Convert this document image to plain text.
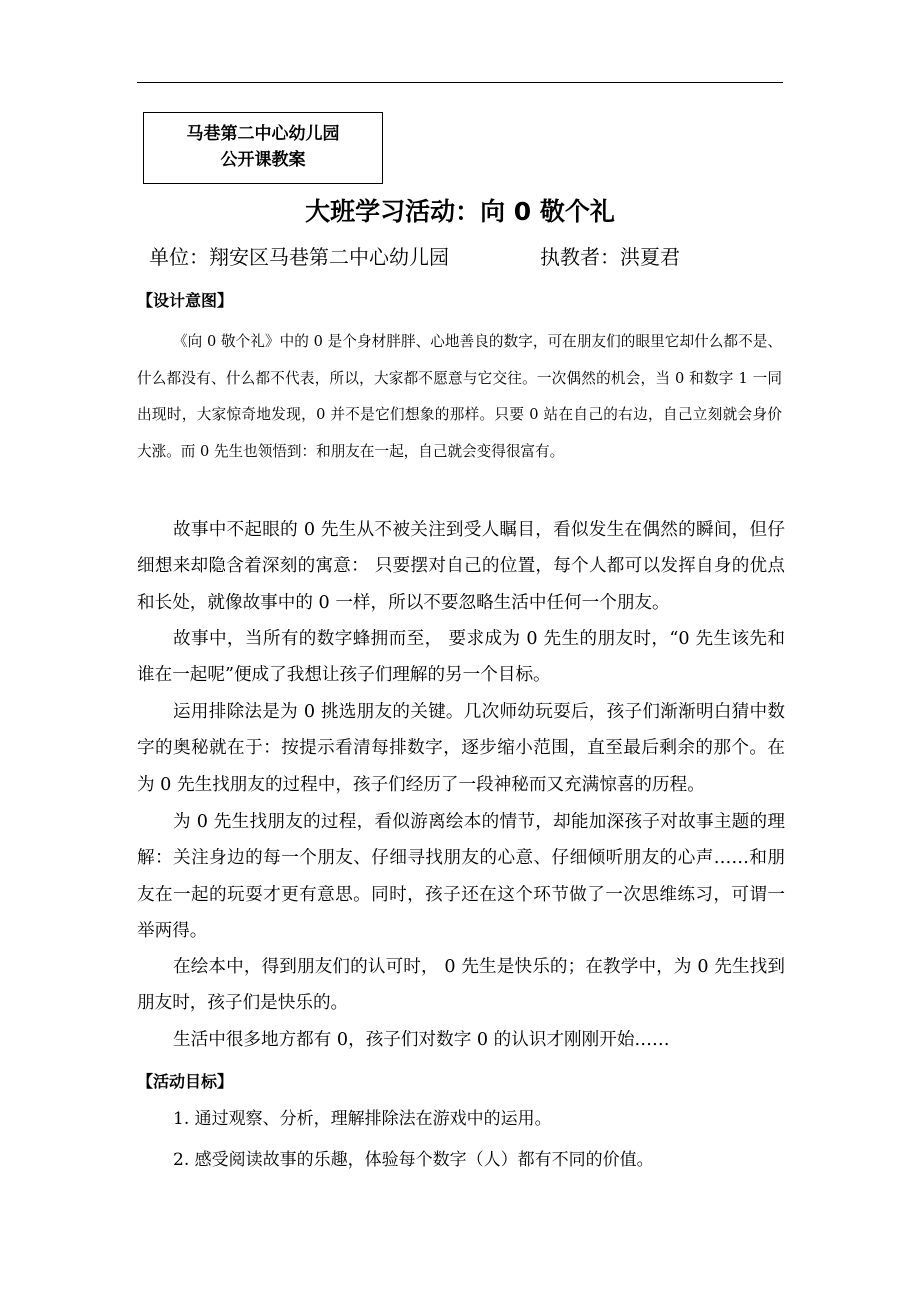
马巷第二中心幼儿园
公开课教案
大班学习活动：向 0 敬个礼
单位：翔安区马巷第二中心幼儿园	执教者：洪夏君
【设计意图】

《向 0 敬个礼》中的 0 是个身材胖胖、心地善良的数字，可在朋友们的眼里它却什么都不是、什么都没有、什么都不代表，所以，大家都不愿意与它交往。一次偶然的机会，当 0 和数字 1 一同出现时，大家惊奇地发现，0 并不是它们想象的那样。只要 0 站在自己的右边，自己立刻就会身价大涨。而 0 先生也领悟到：和朋友在一起，自己就会变得很富有。

故事中不起眼的 0 先生从不被关注到受人瞩目，看似发生在偶然的瞬间，但仔细想来却隐含着深刻的寓意： 只要摆对自己的位置，每个人都可以发挥自身的优点和长处，就像故事中的 0 一样，所以不要忽略生活中任何一个朋友。

故事中，当所有的数字蜂拥而至， 要求成为 0 先生的朋友时，“0 先生该先和谁在一起呢”便成了我想让孩子们理解的另一个目标。

运用排除法是为 0 挑选朋友的关键。几次师幼玩耍后，孩子们渐渐明白猜中数字的奥秘就在于：按提示看清每排数字，逐步缩小范围，直至最后剩余的那个。在为 0 先生找朋友的过程中，孩子们经历了一段神秘而又充满惊喜的历程。

为 0 先生找朋友的过程，看似游离绘本的情节，却能加深孩子对故事主题的理解：关注身边的每一个朋友、仔细寻找朋友的心意、仔细倾听朋友的心声……和朋友在一起的玩耍才更有意思。同时，孩子还在这个环节做了一次思维练习，可谓一举两得。

在绘本中，得到朋友们的认可时， 0 先生是快乐的；在教学中，为 0 先生找到朋友时，孩子们是快乐的。

生活中很多地方都有 0，孩子们对数字 0 的认识才刚刚开始……

【活动目标】
1. 通过观察、分析，理解排除法在游戏中的运用。
2. 感受阅读故事的乐趣，体验每个数字（人）都有不同的价值。
